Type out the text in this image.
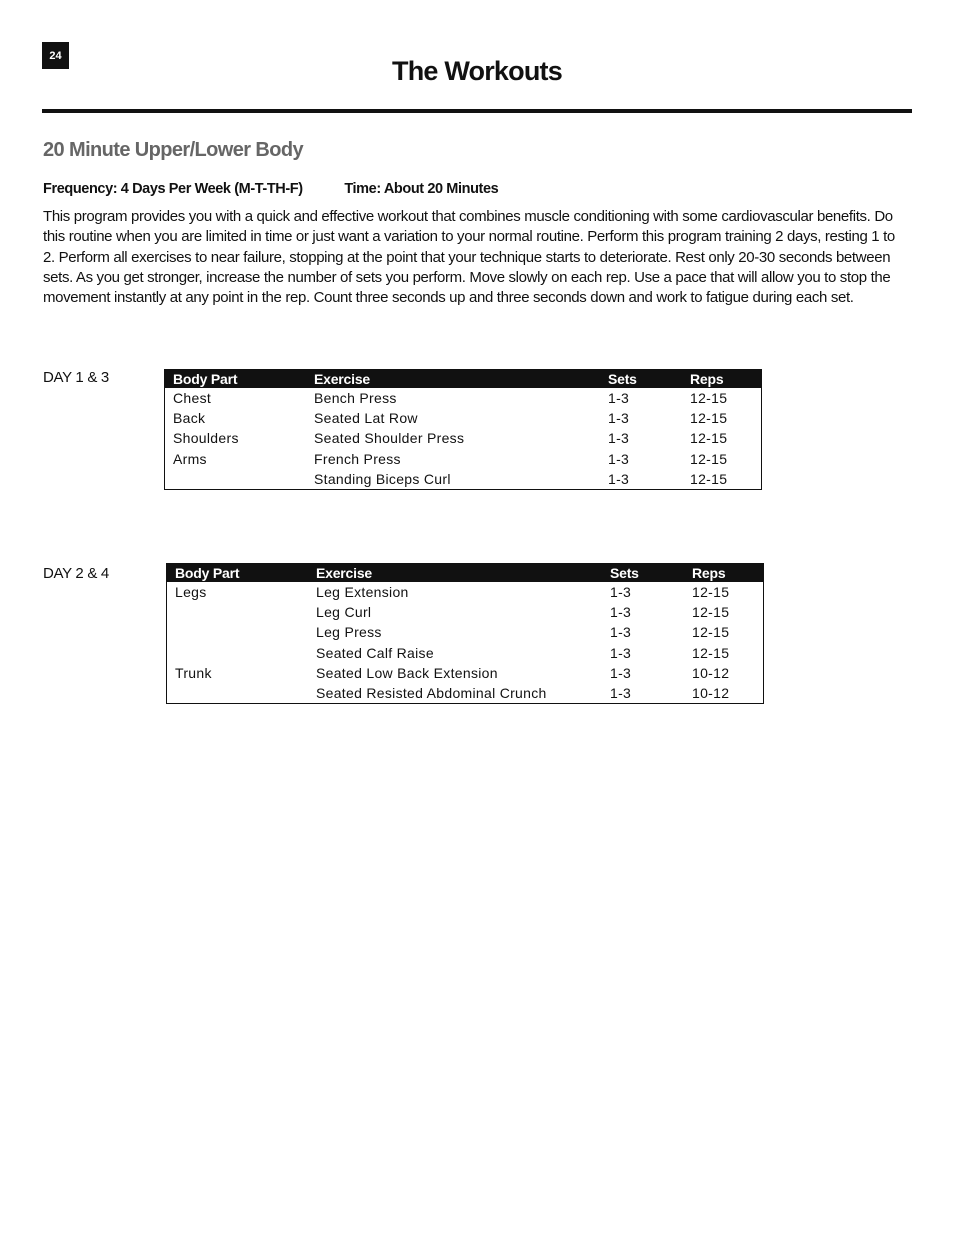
24
The Workouts
20 Minute Upper/Lower Body
Frequency: 4 Days Per Week (M-T-TH-F)	Time: About 20 Minutes

This program provides you with a quick and effective workout that combines muscle conditioning with some cardiovascular benefits. Do this routine when you are limited in time or just want a variation to your normal routine. Perform this program training 2 days, resting 1 to 2. Perform all exercises to near failure, stopping at the point that your technique starts to deteriorate. Rest only 20-30 seconds between sets. As you get stronger, increase the number of sets you perform. Move slowly on each rep. Use a pace that will allow you to stop the movement instantly at any point in the rep. Count three seconds up and three seconds down and work to fatigue during each set.

DAY 1 & 3	Body Part	Exercise	Sets	Reps
Chest	Bench Press	1-3	12-15
Back	Seated Lat Row	1-3	12-15
Shoulders	Seated Shoulder Press	1-3	12-15
Arms	French Press	1-3	12-15
	Standing Biceps Curl	1-3	12-15
DAY 2 & 4	Body Part	Exercise	Sets	Reps
Legs	Leg Extension	1-3	12-15
	Leg Curl	1-3	12-15
	Leg Press	1-3	12-15
	Seated Calf Raise	1-3	12-15
Trunk	Seated Low Back Extension	1-3	10-12
	Seated Resisted Abdominal Crunch	1-3	10-12
